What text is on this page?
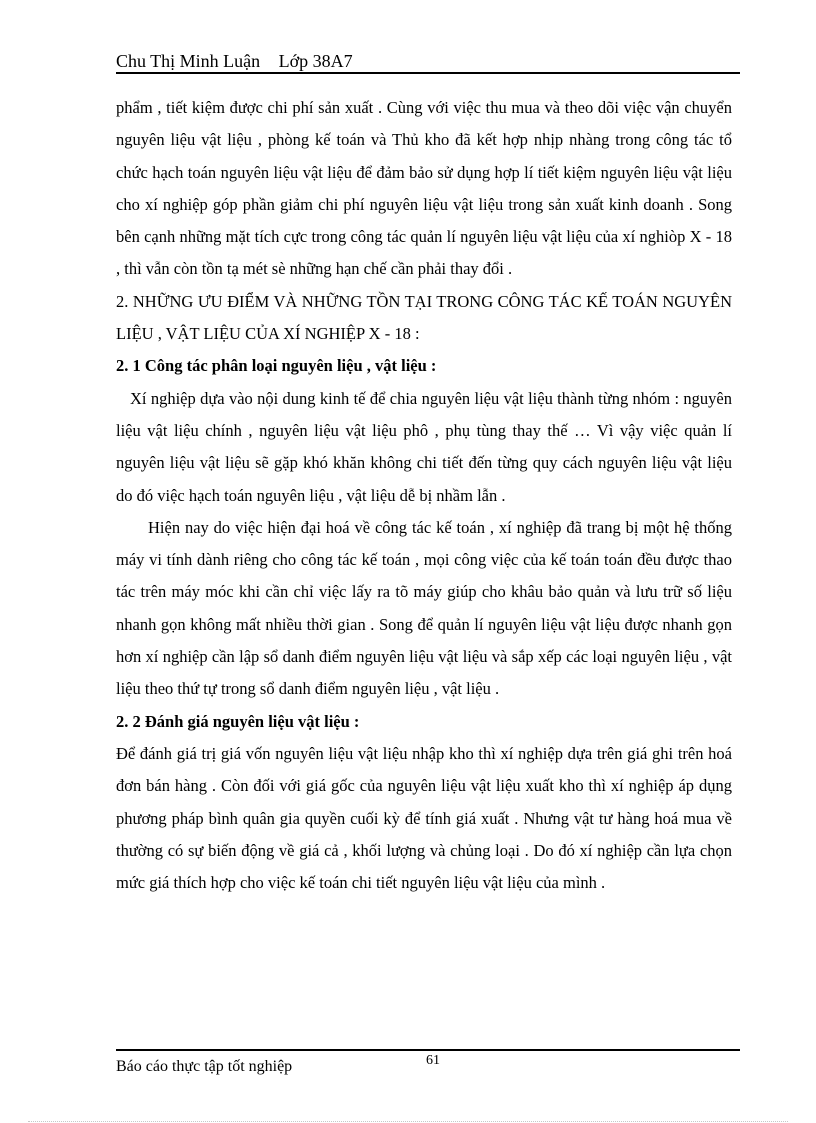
Chu Thị Minh Luận Lớp 38A7

phẩm , tiết kiệm được chi phí sản xuất . Cùng với việc thu mua và theo dõi việc vận chuyển nguyên liệu vật liệu , phòng kế toán và Thủ kho đã kết hợp nhịp nhàng trong công tác tổ chức hạch toán nguyên liệu vật liệu để đảm bảo sử dụng hợp lí tiết kiệm nguyên liệu vật liệu cho xí nghiệp góp phần giảm chi phí nguyên liệu vật liệu trong sản xuất kinh doanh . Song bên cạnh những mặt tích cực trong công tác quản lí nguyên liệu vật liệu của xí nghiòp X - 18 , thì vẫn còn tồn tạ mét sè những hạn chế cần phải thay đổi .

2. NHỮNG ƯU ĐIỂM VÀ NHỮNG TỒN TẠI TRONG CÔNG TÁC KẾ TOÁN NGUYÊN LIỆU , VẬT LIỆU CỦA XÍ NGHIỆP X - 18 :

2. 1 Công tác phân loại nguyên liệu , vật liệu :

Xí nghiệp dựa vào nội dung kinh tế để chia nguyên liệu vật liệu thành từng nhóm : nguyên liệu vật liệu chính , nguyên liệu vật liệu phô , phụ tùng thay thế … Vì vậy việc quản lí nguyên liệu vật liệu sẽ gặp khó khăn không chi tiết đến từng quy cách nguyên liệu vật liệu do đó việc hạch toán nguyên liệu , vật liệu dễ bị nhầm lẫn .

Hiện nay do việc hiện đại hoá về công tác kế toán , xí nghiệp đã trang bị một hệ thống máy vi tính dành riêng cho công tác kế toán , mọi công việc của kế toán toán đều được thao tác trên máy móc khi cần chỉ việc lấy ra tõ máy giúp cho khâu bảo quản và lưu trữ số liệu nhanh gọn không mất nhiều thời gian . Song để quản lí nguyên liệu vật liệu được nhanh gọn hơn xí nghiệp cần lập sổ danh điểm nguyên liệu vật liệu và sắp xếp các loại nguyên liệu , vật liệu theo thứ tự trong sổ danh điểm nguyên liệu , vật liệu .

2. 2 Đánh giá nguyên liệu vật liệu :

Để đánh giá trị giá vốn nguyên liệu vật liệu nhập kho thì xí nghiệp dựa trên giá ghi trên hoá đơn bán hàng . Còn đối với giá gốc của nguyên liệu vật liệu xuất kho thì xí nghiệp áp dụng phương pháp bình quân gia quyền cuối kỳ để tính giá xuất . Nhưng vật tư hàng hoá mua về thường có sự biến động về giá cả , khối lượng và chủng loại . Do đó xí nghiệp cần lựa chọn mức giá thích hợp cho việc kế toán chi tiết nguyên liệu vật liệu của mình .

Báo cáo thực tập tốt nghiệp	61
